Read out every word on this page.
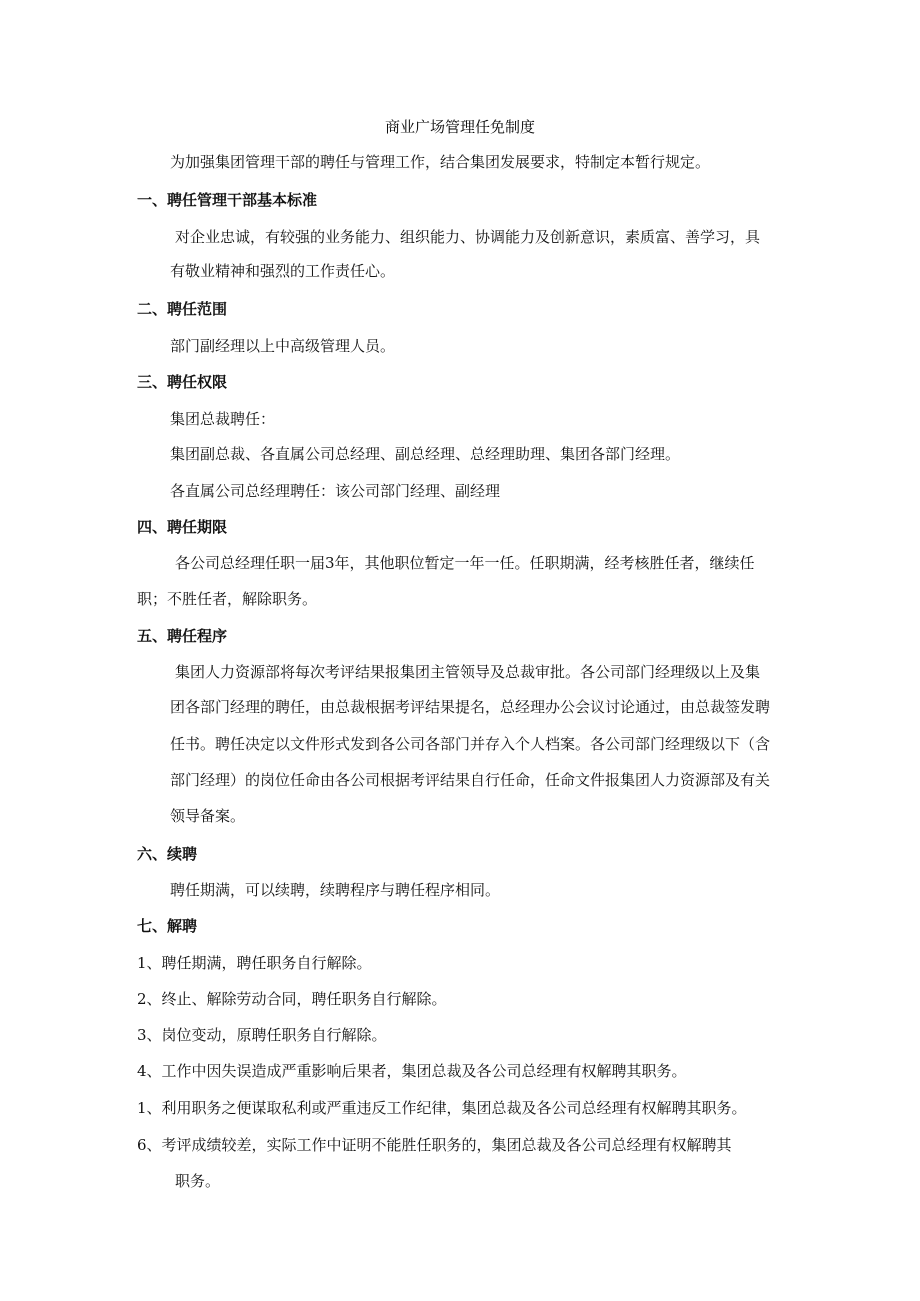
商业广场管理任免制度
为加强集团管理干部的聘任与管理工作，结合集团发展要求，特制定本暂行规定。
一、聘任管理干部基本标准
对企业忠诚，有较强的业务能力、组织能力、协调能力及创新意识，素质富、善学习，具
有敬业精神和强烈的工作责任心。
二、聘任范围
部门副经理以上中高级管理人员。
三、聘任权限
集团总裁聘任：
集团副总裁、各直属公司总经理、副总经理、总经理助理、集团各部门经理。
各直属公司总经理聘任：该公司部门经理、副经理
四、聘任期限
各公司总经理任职一届3年，其他职位暂定一年一任。任职期满，经考核胜任者，继续任
职；不胜任者，解除职务。
五、聘任程序
集团人力资源部将每次考评结果报集团主管领导及总裁审批。各公司部门经理级以上及集
团各部门经理的聘任，由总裁根据考评结果提名，总经理办公会议讨论通过，由总裁签发聘
任书。聘任决定以文件形式发到各公司各部门并存入个人档案。各公司部门经理级以下（含
部门经理）的岗位任命由各公司根据考评结果自行任命，任命文件报集团人力资源部及有关
领导备案。
六、续聘
聘任期满，可以续聘，续聘程序与聘任程序相同。
七、解聘
1、聘任期满，聘任职务自行解除。
2、终止、解除劳动合同，聘任职务自行解除。
3、岗位变动，原聘任职务自行解除。
4、工作中因失误造成严重影响后果者，集团总裁及各公司总经理有权解聘其职务。
1、利用职务之便谋取私利或严重违反工作纪律，集团总裁及各公司总经理有权解聘其职务。
6、考评成绩较差，实际工作中证明不能胜任职务的，集团总裁及各公司总经理有权解聘其
职务。
